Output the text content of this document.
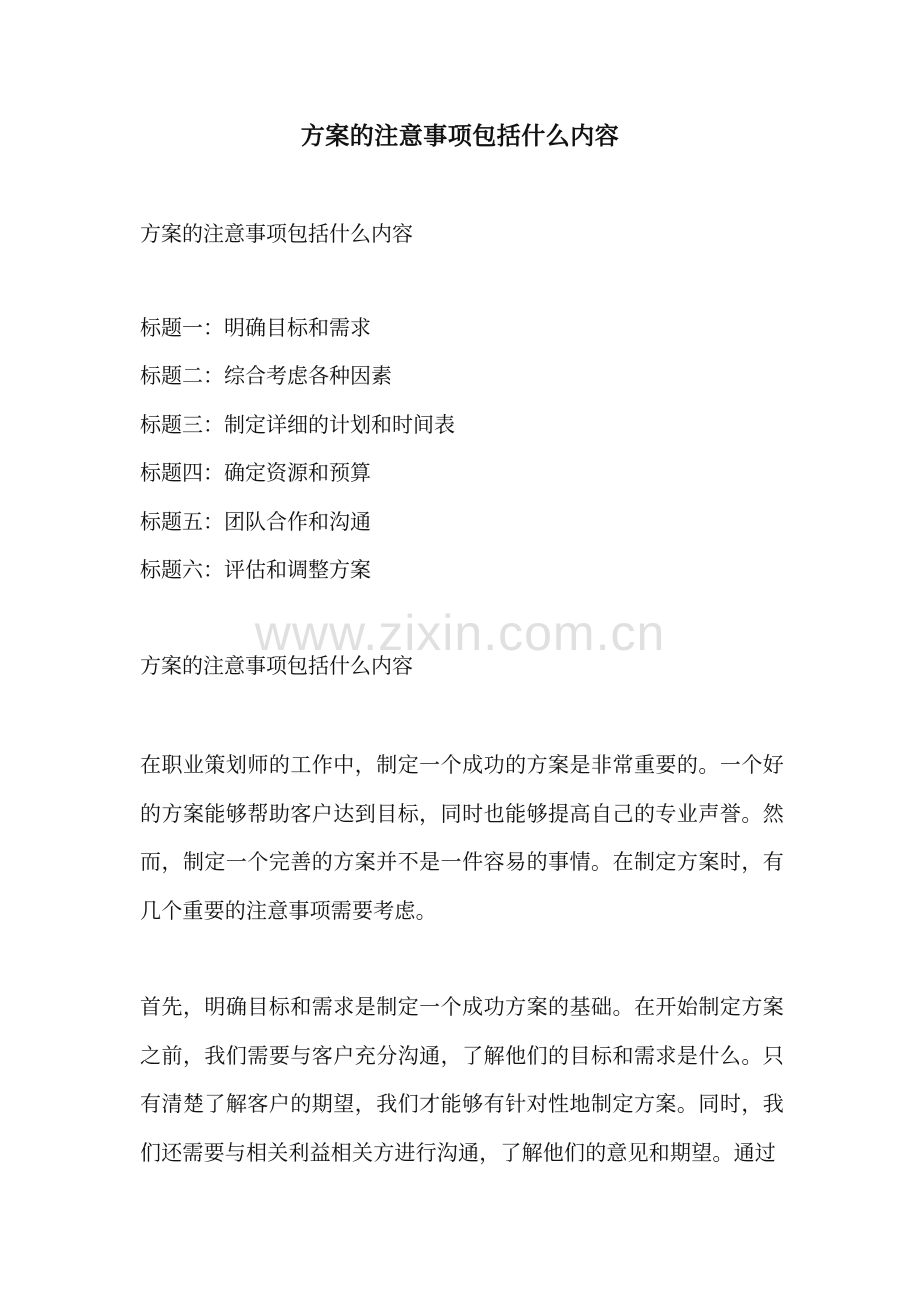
方案的注意事项包括什么内容
方案的注意事项包括什么内容
标题一：明确目标和需求
标题二：综合考虑各种因素
标题三：制定详细的计划和时间表
标题四：确定资源和预算
标题五：团队合作和沟通
标题六：评估和调整方案
方案的注意事项包括什么内容

在职业策划师的工作中，制定一个成功的方案是非常重要的。一个好的方案能够帮助客户达到目标，同时也能够提高自己的专业声誉。然而，制定一个完善的方案并不是一件容易的事情。在制定方案时，有几个重要的注意事项需要考虑。

首先，明确目标和需求是制定一个成功方案的基础。在开始制定方案之前，我们需要与客户充分沟通，了解他们的目标和需求是什么。只有清楚了解客户的期望，我们才能够有针对性地制定方案。同时，我们还需要与相关利益相关方进行沟通，了解他们的意见和期望。通过

www.zixin.com.cn
